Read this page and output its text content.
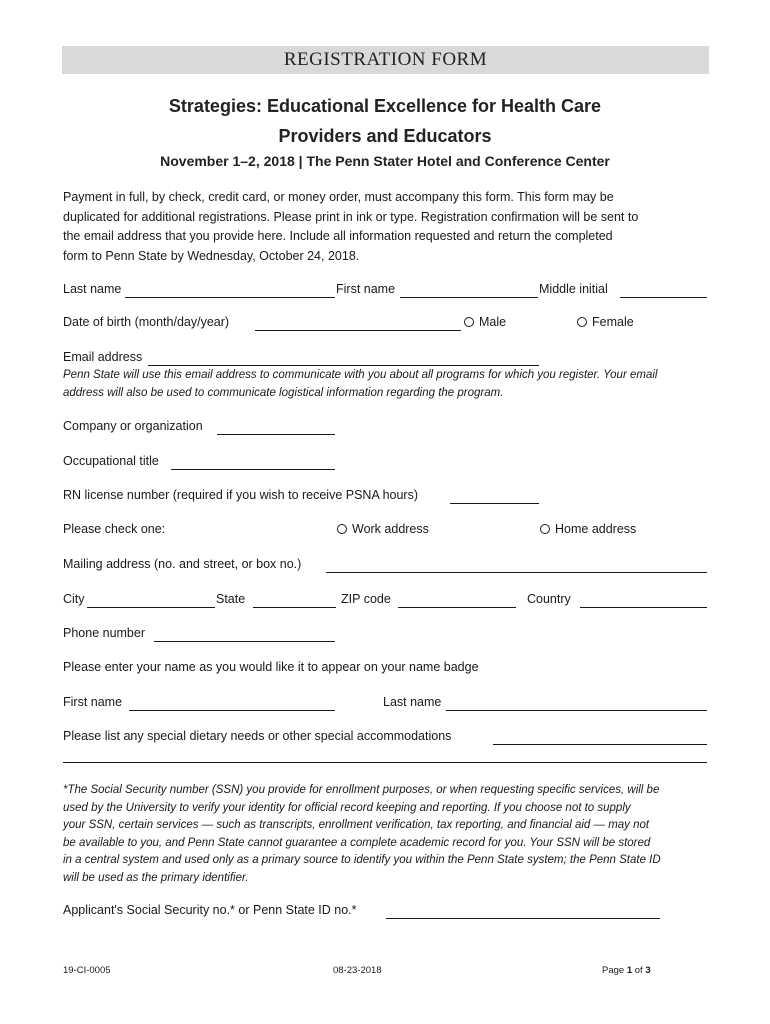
REGISTRATION FORM
Strategies: Educational Excellence for Health Care
Providers and Educators
November 1–2, 2018 | The Penn Stater Hotel and Conference Center
Payment in full, by check, credit card, or money order, must accompany this form. This form may be
duplicated for additional registrations. Please print in ink or type. Registration confirmation will be sent to
the email address that you provide here. Include all information requested and return the completed
form to Penn State by Wednesday, October 24, 2018.
Last name	First name	Middle initial
Date of birth (month/day/year)	Male	Female
Email address
Penn State will use this email address to communicate with you about all programs for which you register. Your email
address will also be used to communicate logistical information regarding the program.
Company or organization
Occupational title
RN license number (required if you wish to receive PSNA hours)
Please check one:	Work address	Home address
Mailing address (no. and street, or box no.)
City	State	ZIP code	Country
Phone number
Please enter your name as you would like it to appear on your name badge
First name	Last name
Please list any special dietary needs or other special accommodations
*The Social Security number (SSN) you provide for enrollment purposes, or when requesting specific services, will be
used by the University to verify your identity for official record keeping and reporting. If you choose not to supply
your SSN, certain services — such as transcripts, enrollment verification, tax reporting, and financial aid — may not
be available to you, and Penn State cannot guarantee a complete academic record for you. Your SSN will be stored
in a central system and used only as a primary source to identify you within the Penn State system; the Penn State ID
will be used as the primary identifier.
Applicant's Social Security no.* or Penn State ID no.*
19-CI-0005	08-23-2018	Page 1 of 3
